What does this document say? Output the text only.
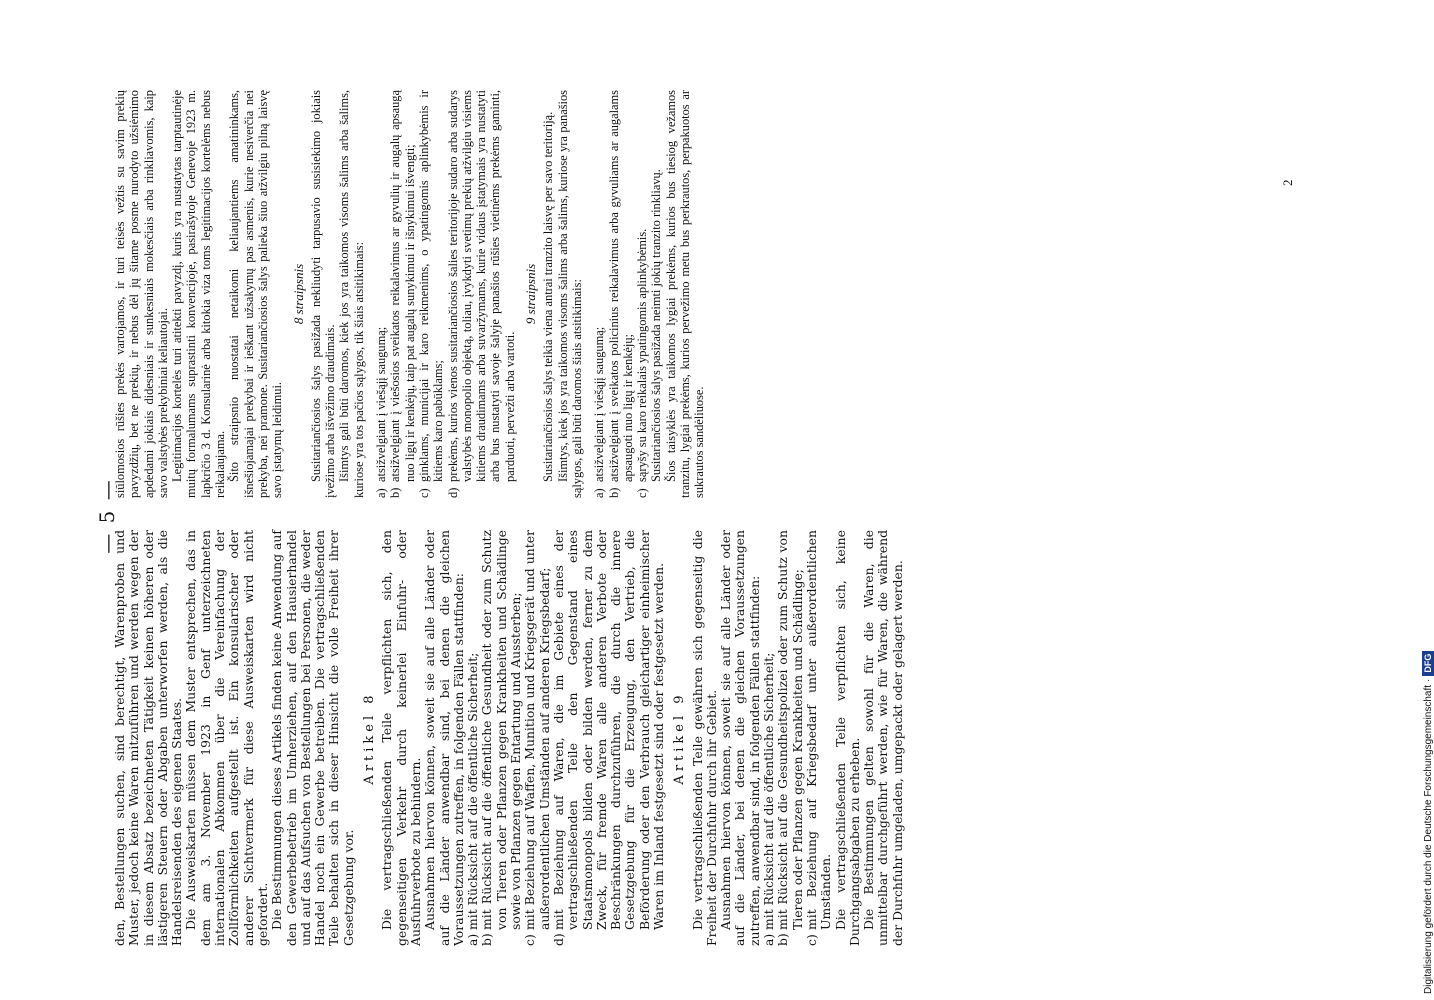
— 5 —

den, Bestellungen suchen, sind berechtigt, Warenproben und Muster, jedoch keine Waren mitzuführen und werden wegen der in diesem Absatz bezeichneten Tätigkeit keinen höheren oder lästigeren Steuern oder Abgaben unterworfen werden, als die Handelsreisenden des eigenen Staates. Die Ausweiskarten müssen dem Muster entsprechen, das in dem am 3. November 1923 in Genf unterzeichneten internationalen Abkommen über die Vereinfachung der Zollförmlichkeiten aufgestellt ist. Ein konsularischer oder anderer Sichtvermerk für diese Ausweiskarten wird nicht gefordert. Die Bestimmungen dieses Artikels finden keine Anwendung auf den Gewerbebetrieb im Umherziehen, auf den Hausierhandel und auf das Aufsuchen von Bestellungen bei Personen, die weder Handel noch ein Gewerbe betreiben. Die vertragschließenden Teile behalten sich in dieser Hinsicht die volle Freiheit ihrer Gesetzgebung vor.

Artikel 8 Die vertragschließenden Teile verpflichten sich, den gegenseitigen Verkehr durch keinerlei Einfuhr- oder Ausfuhrverbote zu behindern. Ausnahmen hiervon können, soweit sie auf alle Länder oder auf die Länder anwendbar sind, bei denen die gleichen Voraussetzungen zutreffen, in folgenden Fällen stattfinden: a)
mit Rücksicht auf die öffentliche Sicherheit;
b)
mit Rücksicht auf die öffentliche Gesundheit oder zum Schutz von Tieren oder Pflanzen gegen Krankheiten und Schädlinge sowie von Pflanzen gegen Entartung und Aussterben;
c)
mit Beziehung auf Waffen, Munition und Kriegsgerät und unter außerordentlichen Umständen auf anderen Kriegsbedarf;
d)
mit Beziehung auf Waren, die im Gebiete eines der vertragschließenden Teile den Gegenstand eines Staatsmonopols bilden oder bilden werden, ferner zu dem Zweck, für fremde Waren alle anderen Verbote oder Beschränkungen durchzuführen, die durch die innere Gesetzgebung für die Erzeugung, den Vertrieb, die Beförderung oder den Verbrauch gleichartiger einheimischer Waren im Inland festgesetzt sind oder festgesetzt werden. Artikel 9 Die vertragschließenden Teile gewähren sich gegenseitig die Freiheit der Durchfuhr durch ihr Gebiet. Ausnahmen hiervon können, soweit sie auf alle Länder oder auf die Länder, bei denen die gleichen Voraussetzungen zutreffen, anwendbar sind, in folgenden Fällen stattfinden: a)
mit Rücksicht auf die öffentliche Sicherheit;
b)
mit Rücksicht auf die Gesundheitspolizei oder zum Schutz von Tieren oder Pflanzen gegen Krankheiten und Schädlinge;
c)
mit Beziehung auf Kriegsbedarf unter außerordentlichen Umständen. Die vertragschließenden Teile verpflichten sich, keine Durchgangsabgaben zu erheben. Die Bestimmungen gelten sowohl für die Waren, die unmittelbar durchgeführt werden, wie für Waren, die während der Durchfuhr umgeladen, umgepackt oder gelagert werden.

siūlomosios rūšies prekės vartojamos, ir turi teisės vežtis su savim prekių pavyzdžių, bet ne prekių, ir nebus dėl jų šitame posme nurodyto užsiėmimo apdedami jokiais didesniais ir sunkesniais mokesčiais arba rinkliavomis, kaip savo valstybės prekybiniai keliautojai. Legitimacijos kortelės turi atitekti pavyzdį, kuris yra nustatytas tarptautinėje muitų formalumams suprastinti konvencijoje, pasirašytoje Genevoje 1923 m. lapkričio 3 d. Konsularinė arba kitokia viza toms legitimacijos kortelėms nebus reikalaujama. Šito straipsnio nuostatai netaikomi keliaujantiems amatininkams, išnešiojamajai prekybai ir ieškant užsakymų pas asmenis, kurie nesiverčia nei prekyba, nei pramone. Susitariančiosios šalys palieka šiuo atžvilgiu pilną laisvę savo įstatymų leidimui.

8 straipsnis Susitariančiosios šalys pasižada nekliudyti tarpusavio susisiekimo jokiais įvežimo arba išvežimo draudimais. Išimtys gali būti daromos, kiek jos yra taikomos visoms šalims arba šalims, kuriose yra tos pačios sąlygos, tik šiais atsitikimais: a)
atsižvelgiant į viešąjį saugumą;
b)
atsižvelgiant į viešosios sveikatos reikalavimus ar gyvulių ir augalų apsaugą nuo ligų ir kenkėjų, taip pat augalų sunykimui ir išnykimui išvengti;
c)
ginklams, municijai ir karo reikmenims, o ypatingomis aplinkybėmis ir kitiems karo pabūklams;
d)
prekėms, kurios vienos susitariančiosios šalies teritorijoje sudaro arba sudarys valstybės monopolio objektą, toliau, įvykdyti svetimų prekių atžvilgiu visiems kitiems draudimams arba suvaržymams, kurie vidaus įstatymais yra nustatyti arba bus nustatyti savoje šalyje panašios rūšies vietinėms prekėms gaminti, parduoti, pervežti arba vartoti.
9 straipsnis Susitariančiosios šalys teikia viena antrai tranzito laisvę per savo teritoriją. Išimtys, kiek jos yra taikomos visoms šalims arba šalims, kuriose yra panašios sąlygos, gali būti daromos šiais atsitikimais: a)
atsižvelgiant į viešąjį saugumą;
b)
atsižvelgiant į sveikatos policinius reikalavimus arba gyvuliams ar augalams apsaugoti nuo ligų ir kenkėjų;
c)
sąryšy su karo reikalais ypatingomis aplinkybėmis. Susitariančiosios šalys pasižada neimti jokių tranzito rinkliavų. Šios taisyklės yra taikomos lygiai prekėms, kurios bus tiesiog vežamos tranzitu, lygiai prekėms, kurios pervežimo metu bus perkrautos, perpakuotos ar sukrautos sandėliuose.

2
Digitalisierung gefördert durch die Deutsche Forschungsgemeinschaft
·
DFG
